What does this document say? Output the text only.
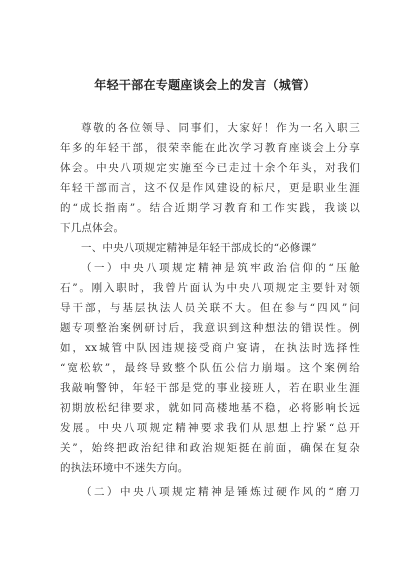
年轻干部在专题座谈会上的发言（城管）
尊敬的各位领导、同事们，大家好！作为一名入职三
年多的年轻干部，很荣幸能在此次学习教育座谈会上分享
体会。中央八项规定实施至今已走过十余个年头，对我们
年轻干部而言，这不仅是作风建设的标尺，更是职业生涯
的“成长指南”。结合近期学习教育和工作实践，我谈以
下几点体会。
一、中央八项规定精神是年轻干部成长的“必修课”
（一）中央八项规定精神是筑牢政治信仰的“压舱
石”。刚入职时，我曾片面认为中央八项规定主要针对领
导干部，与基层执法人员关联不大。但在参与“四风”问
题专项整治案例研讨后，我意识到这种想法的错误性。例
如，xx城管中队因违规接受商户宴请，在执法时选择性
“宽松软”，最终导致整个队伍公信力崩塌。这个案例给
我敲响警钟，年轻干部是党的事业接班人，若在职业生涯
初期放松纪律要求，就如同高楼地基不稳，必将影响长远
发展。中央八项规定精神要求我们从思想上拧紧“总开
关”，始终把政治纪律和政治规矩挺在前面，确保在复杂
的执法环境中不迷失方向。
（二）中央八项规定精神是锤炼过硬作风的“磨刀
